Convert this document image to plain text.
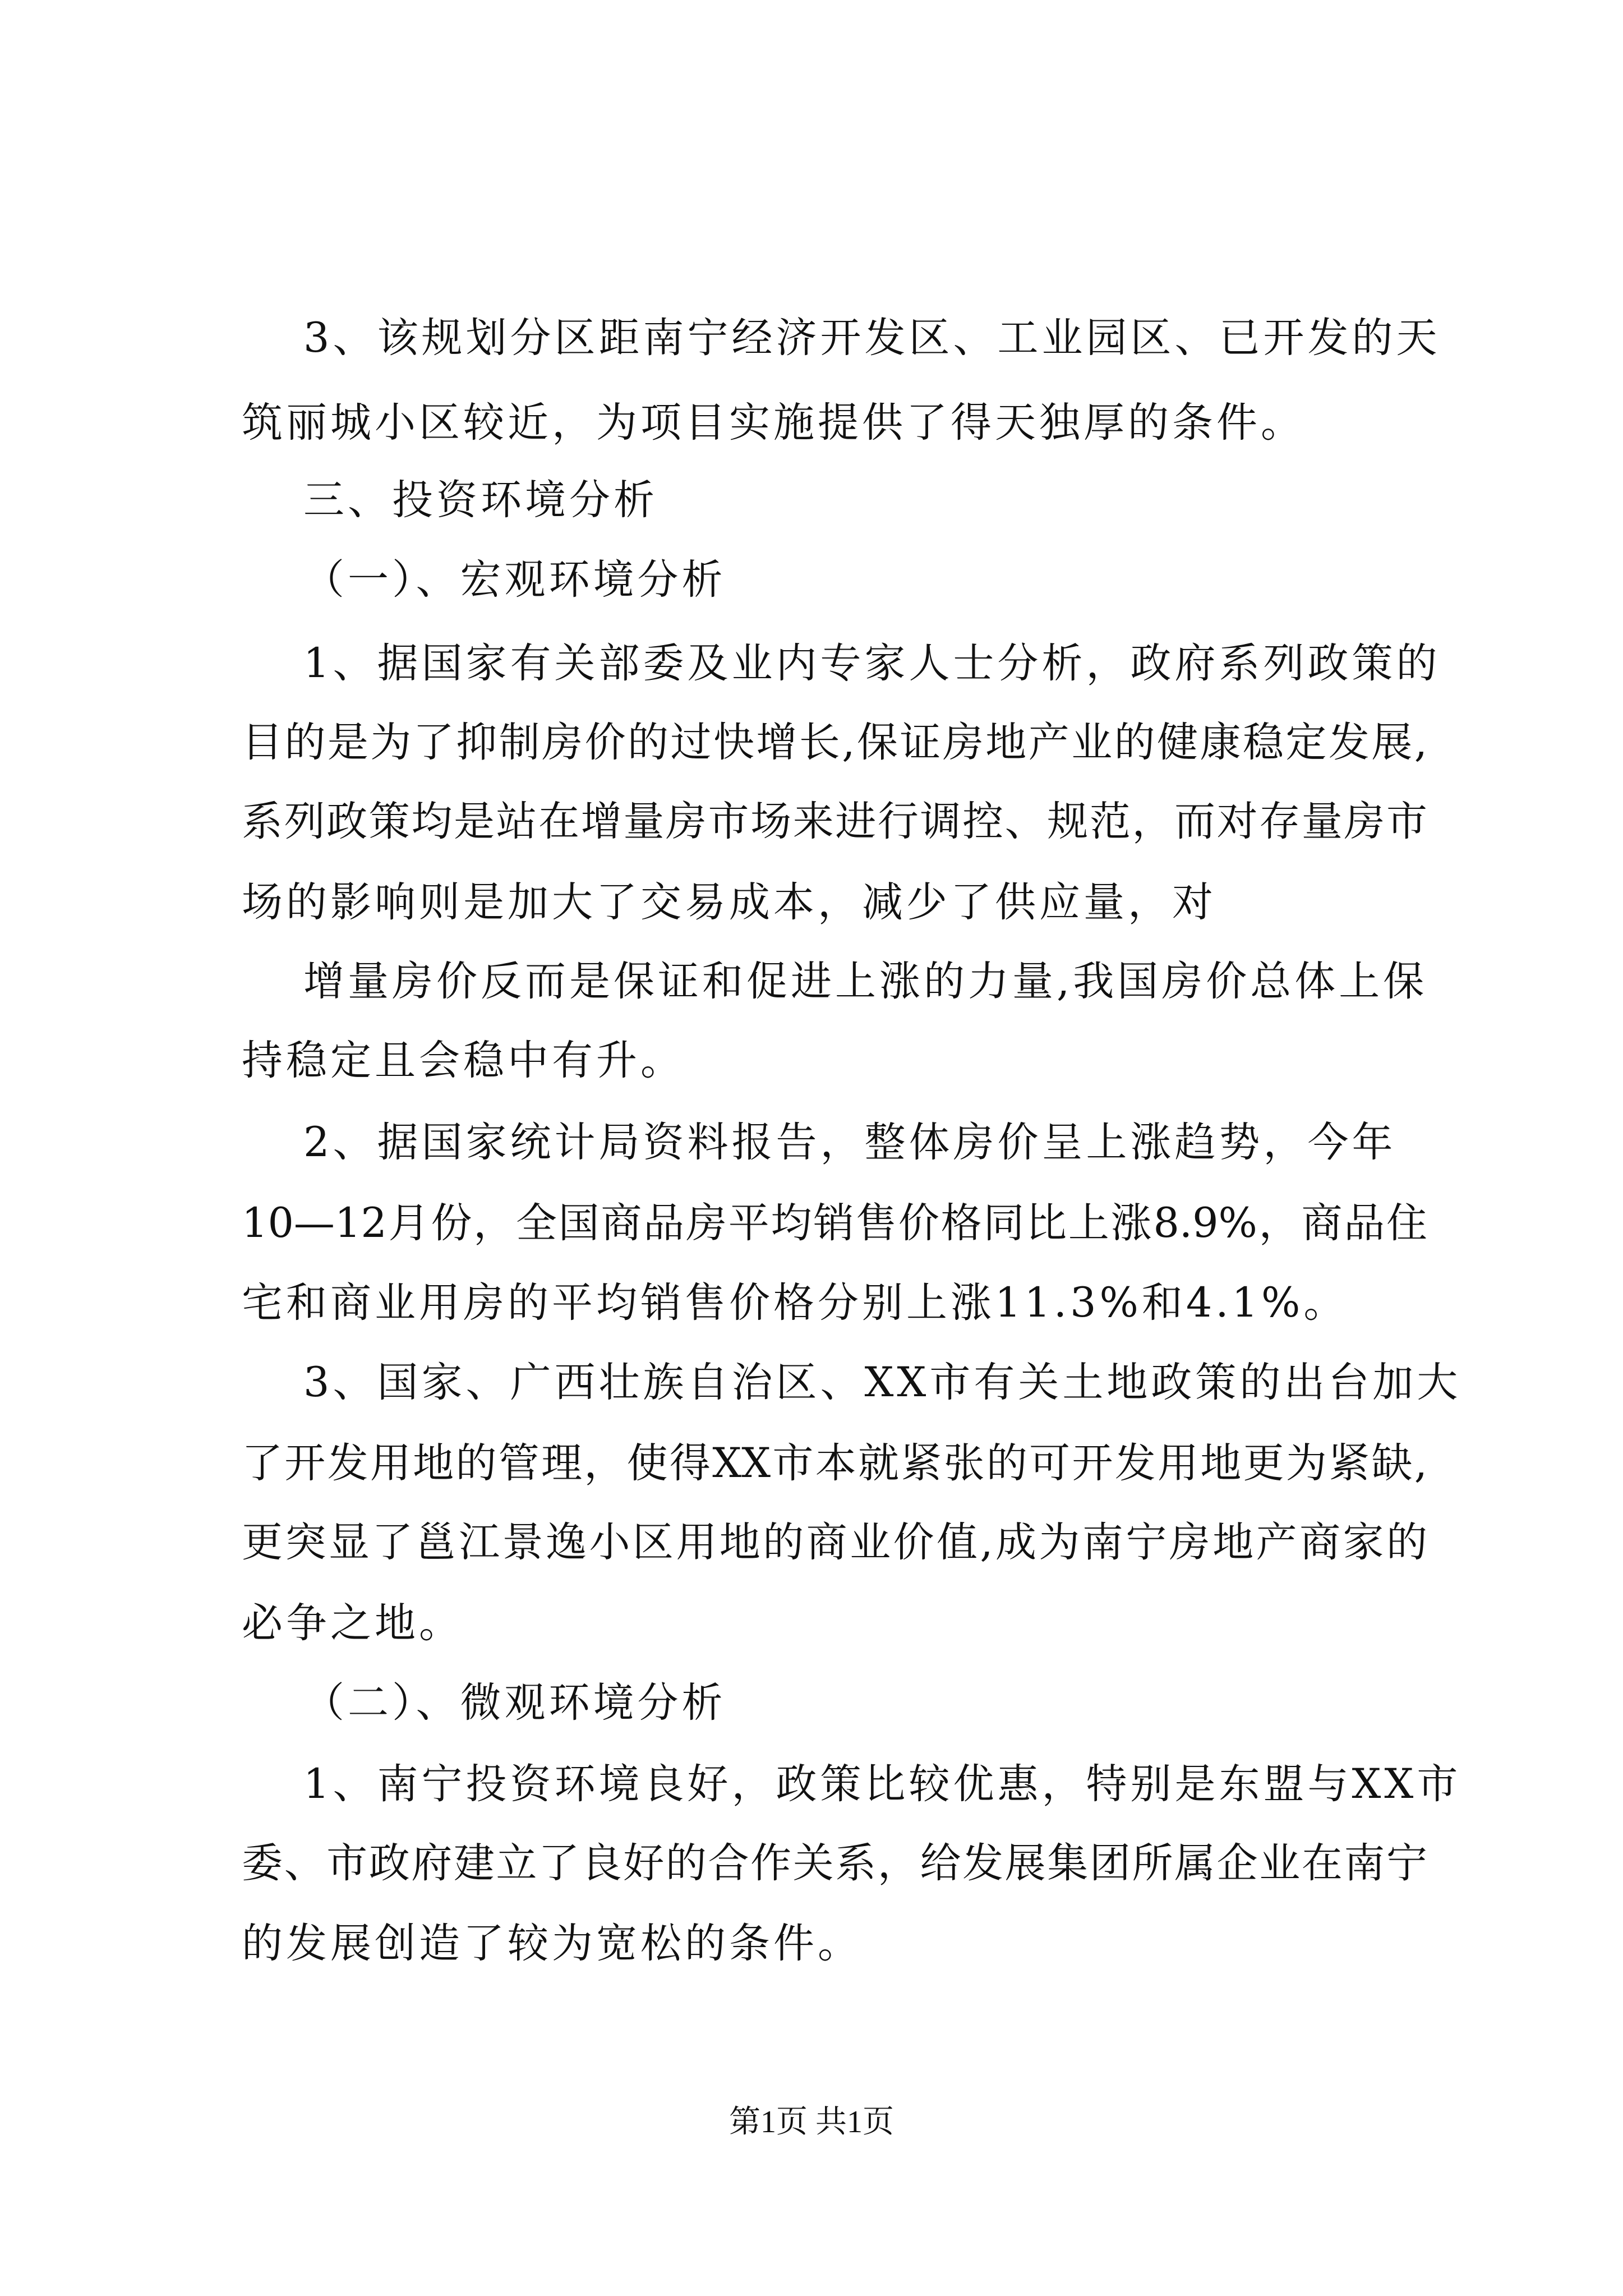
3、该规划分区距南宁经济开发区、工业园区、已开发的天
筑丽城小区较近，为项目实施提供了得天独厚的条件。
三、投资环境分析
（一）、宏观环境分析
1、据国家有关部委及业内专家人士分析，政府系列政策的
目的是为了抑制房价的过快增长,保证房地产业的健康稳定发展,
系列政策均是站在增量房市场来进行调控、规范，而对存量房市
场的影响则是加大了交易成本，减少了供应量，对
增量房价反而是保证和促进上涨的力量,我国房价总体上保
持稳定且会稳中有升。
2、据国家统计局资料报告，整体房价呈上涨趋势，今年
10—12月份，全国商品房平均销售价格同比上涨8.9%，商品住
宅和商业用房的平均销售价格分别上涨11.3%和4.1%。
3、国家、广西壮族自治区、XX市有关土地政策的出台加大
了开发用地的管理，使得XX市本就紧张的可开发用地更为紧缺,
更突显了邕江景逸小区用地的商业价值,成为南宁房地产商家的
必争之地。
（二）、微观环境分析
1、南宁投资环境良好，政策比较优惠，特别是东盟与XX市
委、市政府建立了良好的合作关系，给发展集团所属企业在南宁
的发展创造了较为宽松的条件。
第1页 共1页
